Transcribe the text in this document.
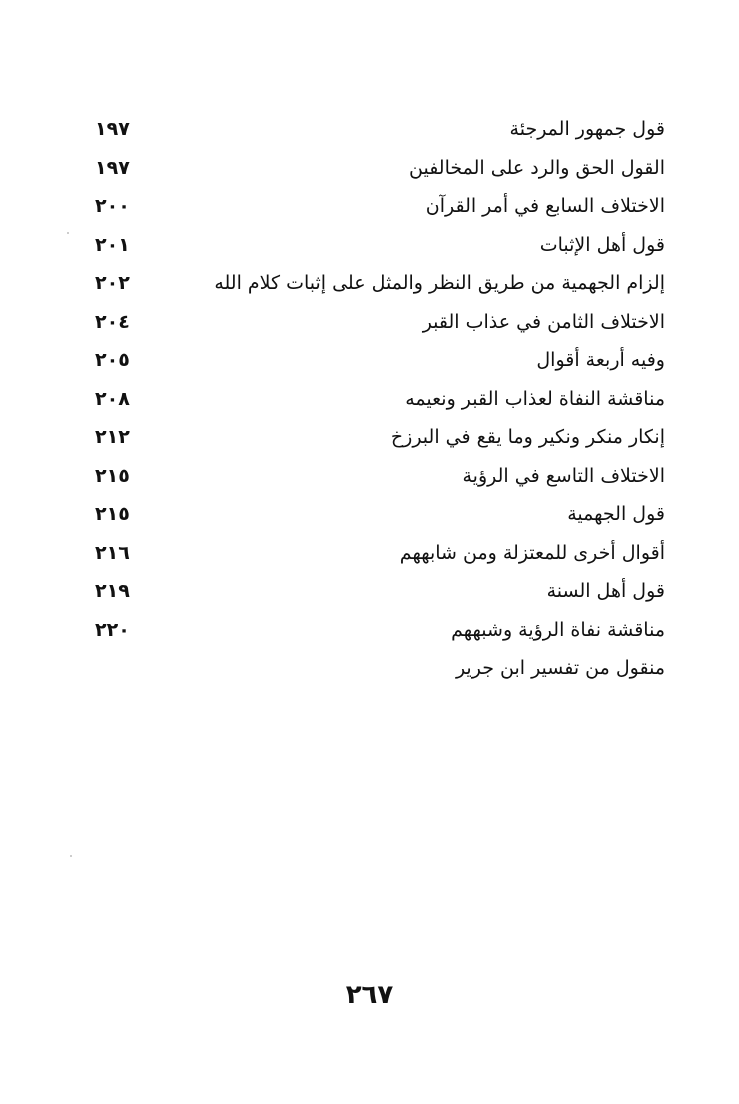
قول جمهور المرجئة
١٩٧
القول الحق والرد على المخالفين
١٩٧
الاختلاف السابع في أمر القرآن
٢٠٠
قول أهل الإثبات
٢٠١
إلزام الجهمية من طريق النظر والمثل على إثبات كلام الله
٢٠٢
الاختلاف الثامن في عذاب القبر
٢٠٤
وفيه أربعة أقوال
٢٠٥
مناقشة النفاة لعذاب القبر ونعيمه
٢٠٨
إنكار منكر ونكير وما يقع في البرزخ
٢١٢
الاختلاف التاسع في الرؤية
٢١٥
قول الجهمية
٢١٥
أقوال أخرى للمعتزلة ومن شابههم
٢١٦
قول أهل السنة
٢١٩
مناقشة نفاة الرؤية وشبههم
٢٢٠
منقول من تفسير ابن جرير
٢٦٧
